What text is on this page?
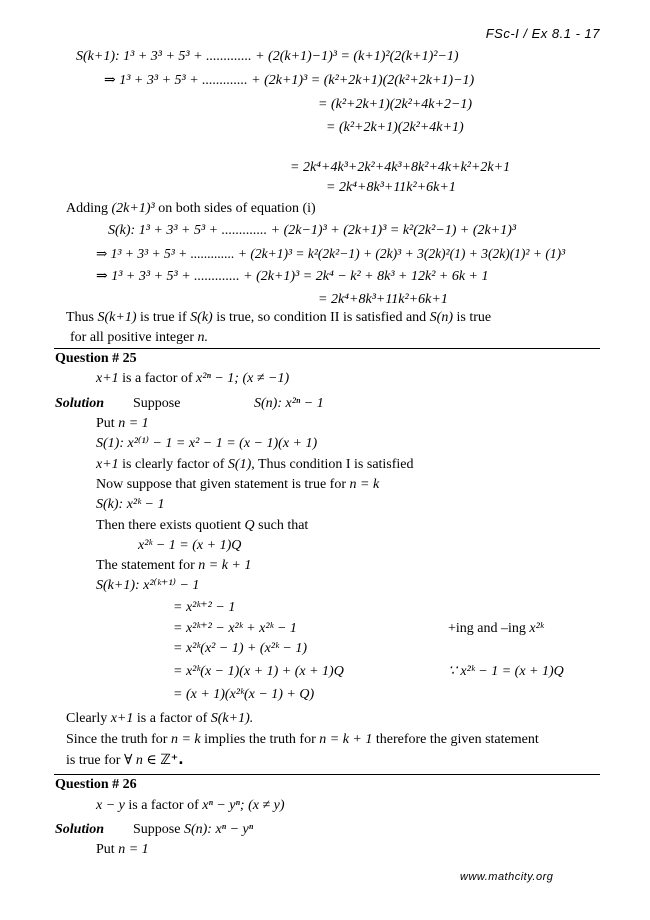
FSc-I / Ex 8.1 - 17
S(k+1): 1³ + 3³ + 5³ + ............. + (2(k+1)−1)³ = (k+1)²(2(k+1)²−1)
⇒ 1³ + 3³ + 5³ + ............. + (2k+1)³ = (k²+2k+1)(2(k²+2k+1)−1)
= (k²+2k+1)(2k²+4k+2−1)
= (k²+2k+1)(2k²+4k+1)
= 2k⁴+4k³+2k²+4k³+8k²+4k+k²+2k+1
= 2k⁴+8k³+11k²+6k+1
Adding (2k+1)³ on both sides of equation (i)
S(k): 1³ + 3³ + 5³ + ............. + (2k−1)³ + (2k+1)³ = k²(2k²−1) + (2k+1)³
⇒ 1³ + 3³ + 5³ + ............. + (2k+1)³ = k²(2k²−1) + (2k)³ + 3(2k)²(1) + 3(2k)(1)² + (1)³
⇒ 1³ + 3³ + 5³ + ............. + (2k+1)³ = 2k⁴ − k² + 8k³ + 12k² + 6k + 1
= 2k⁴+8k³+11k²+6k+1
Thus S(k+1) is true if S(k) is true, so condition II is satisfied and S(n) is true
for all positive integer n.
Question # 25
x+1 is a factor of x²ⁿ − 1; (x ≠ −1)
Solution Suppose	S(n): x²ⁿ − 1
Put n = 1
S(1): x²⁽¹⁾ − 1 = x² − 1 = (x − 1)(x + 1)
x+1 is clearly factor of S(1), Thus condition I is satisfied
Now suppose that given statement is true for n = k
S(k): x²ᵏ − 1
Then there exists quotient Q such that
x²ᵏ − 1 = (x + 1)Q
The statement for n = k + 1
S(k+1): x²⁽ᵏ⁺¹⁾ − 1
= x²ᵏ⁺² − 1
= x²ᵏ⁺² − x²ᵏ + x²ᵏ − 1	+ing and –ing x²ᵏ
= x²ᵏ(x² − 1) + (x²ᵏ − 1)
= x²ᵏ(x − 1)(x + 1) + (x + 1)Q	∵ x²ᵏ − 1 = (x + 1)Q
= (x + 1)(x²ᵏ(x − 1) + Q)
Clearly x+1 is a factor of S(k+1).
Since the truth for n = k implies the truth for n = k + 1 therefore the given statement
is true for ∀ n ∈ ℤ⁺.
Question # 26
x − y is a factor of xⁿ − yⁿ; (x ≠ y)
Solution Suppose S(n): xⁿ − yⁿ
Put n = 1
www.mathcity.org
